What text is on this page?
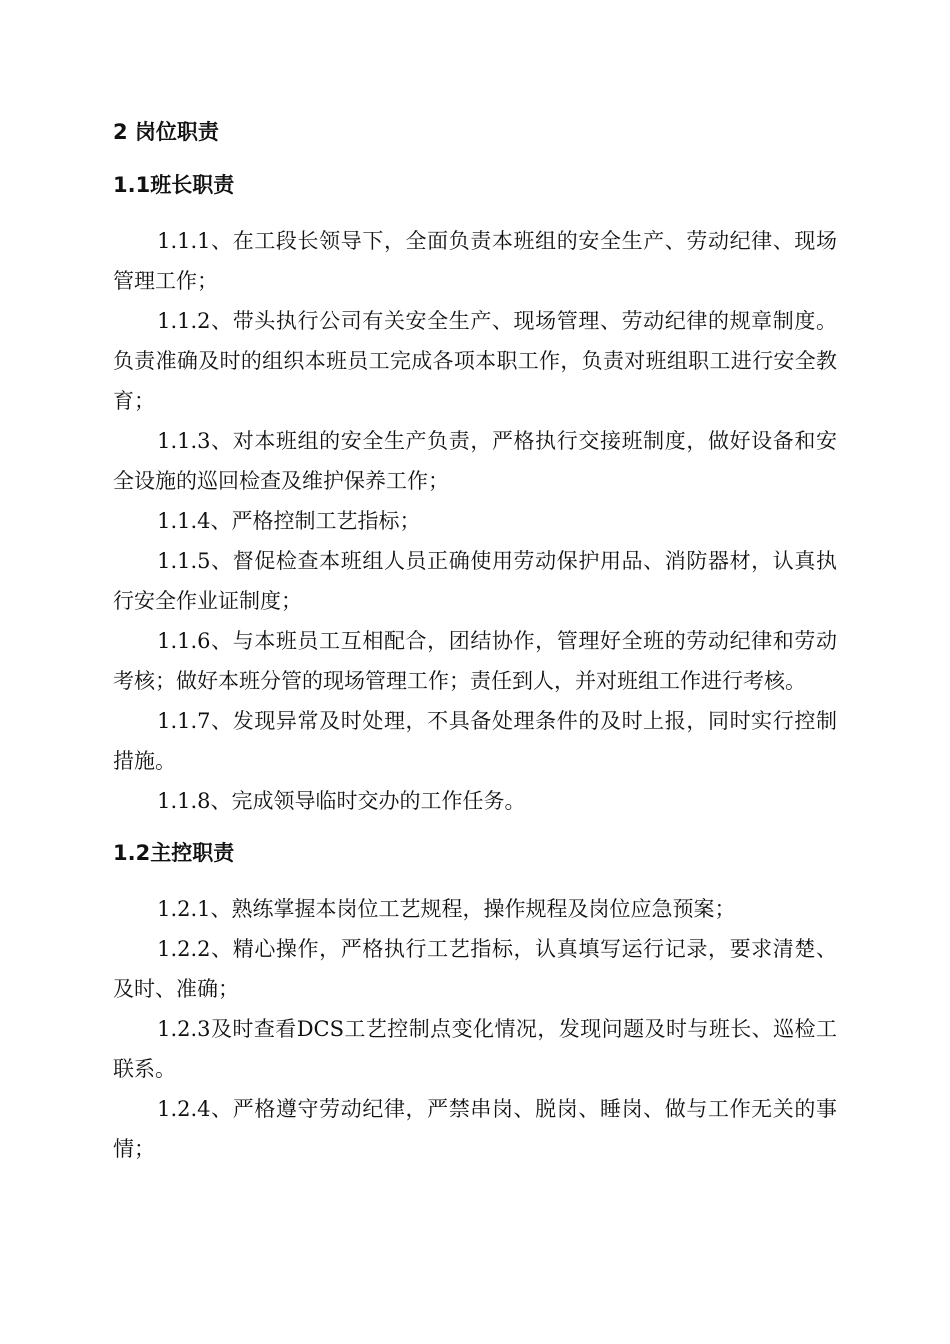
2 岗位职责
1.1班长职责

1.1.1、在工段长领导下，全面负责本班组的安全生产、劳动纪律、现场管理工作；

1.1.2、带头执行公司有关安全生产、现场管理、劳动纪律的规章制度。负责准确及时的组织本班员工完成各项本职工作，负责对班组职工进行安全教育；

1.1.3、对本班组的安全生产负责，严格执行交接班制度，做好设备和安全设施的巡回检查及维护保养工作；

1.1.4、严格控制工艺指标；

1.1.5、督促检查本班组人员正确使用劳动保护用品、消防器材，认真执行安全作业证制度；

1.1.6、与本班员工互相配合，团结协作，管理好全班的劳动纪律和劳动考核；做好本班分管的现场管理工作；责任到人，并对班组工作进行考核。

1.1.7、发现异常及时处理，不具备处理条件的及时上报，同时实行控制措施。

1.1.8、完成领导临时交办的工作任务。

1.2主控职责

1.2.1、熟练掌握本岗位工艺规程，操作规程及岗位应急预案；

1.2.2、精心操作，严格执行工艺指标，认真填写运行记录，要求清楚、及时、准确；

1.2.3及时查看DCS工艺控制点变化情况，发现问题及时与班长、巡检工联系。

1.2.4、严格遵守劳动纪律，严禁串岗、脱岗、睡岗、做与工作无关的事情；
